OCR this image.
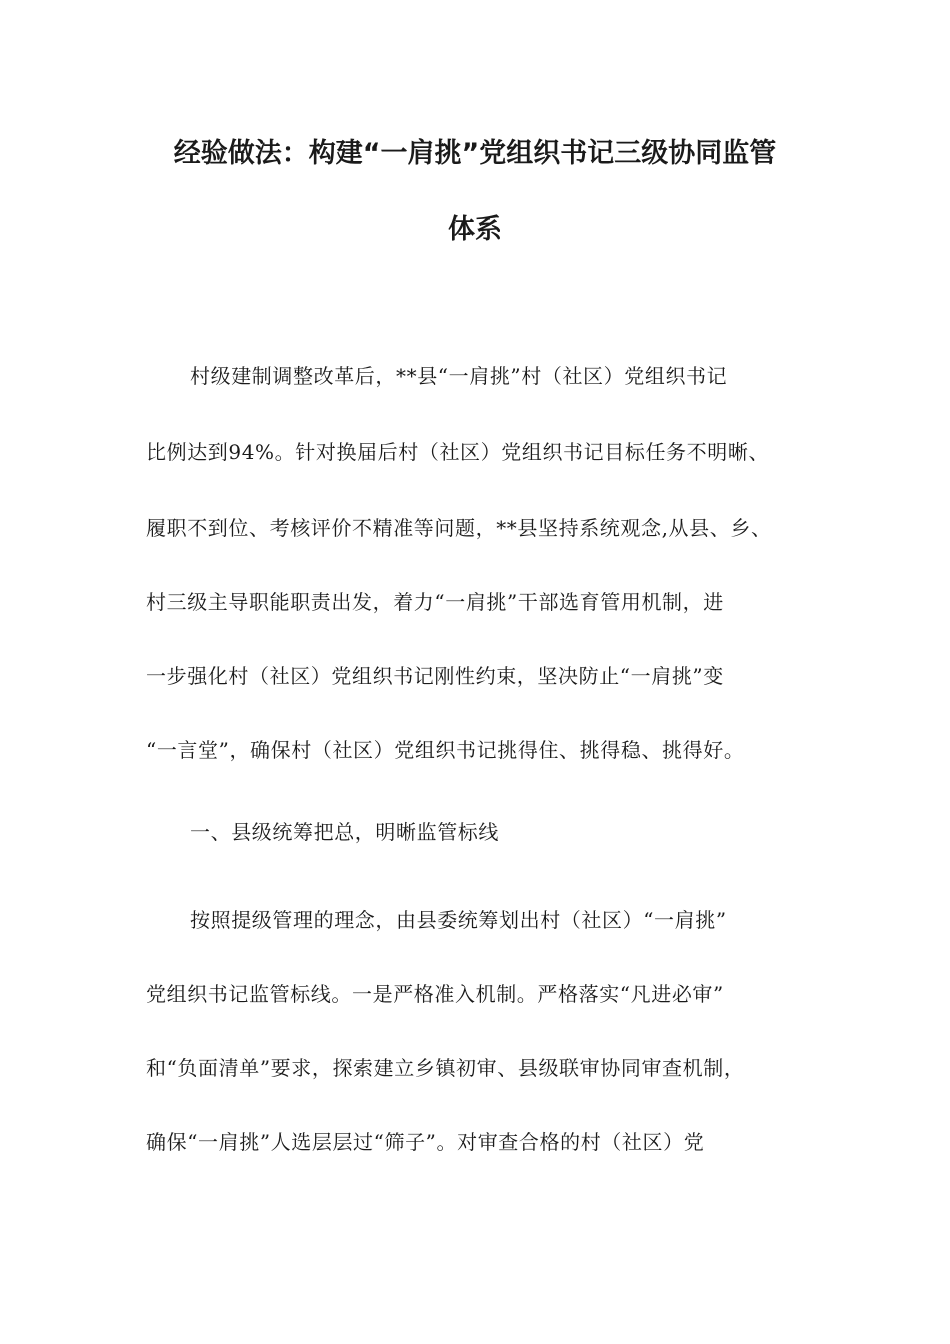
经验做法：构建“一肩挑”党组织书记三级协同监管
体系
村级建制调整改革后，**县“一肩挑”村（社区）党组织书记
比例达到94%。针对换届后村（社区）党组织书记目标任务不明晰、
履职不到位、考核评价不精准等问题，**县坚持系统观念,从县、乡、
村三级主导职能职责出发，着力“一肩挑”干部选育管用机制，进
一步强化村（社区）党组织书记刚性约束，坚决防止“一肩挑”变
“一言堂”，确保村（社区）党组织书记挑得住、挑得稳、挑得好。
一、县级统筹把总，明晰监管标线
按照提级管理的理念，由县委统筹划出村（社区）“一肩挑”
党组织书记监管标线。一是严格准入机制。严格落实“凡进必审”
和“负面清单”要求，探索建立乡镇初审、县级联审协同审查机制，
确保“一肩挑”人选层层过“筛子”。对审查合格的村（社区）党
